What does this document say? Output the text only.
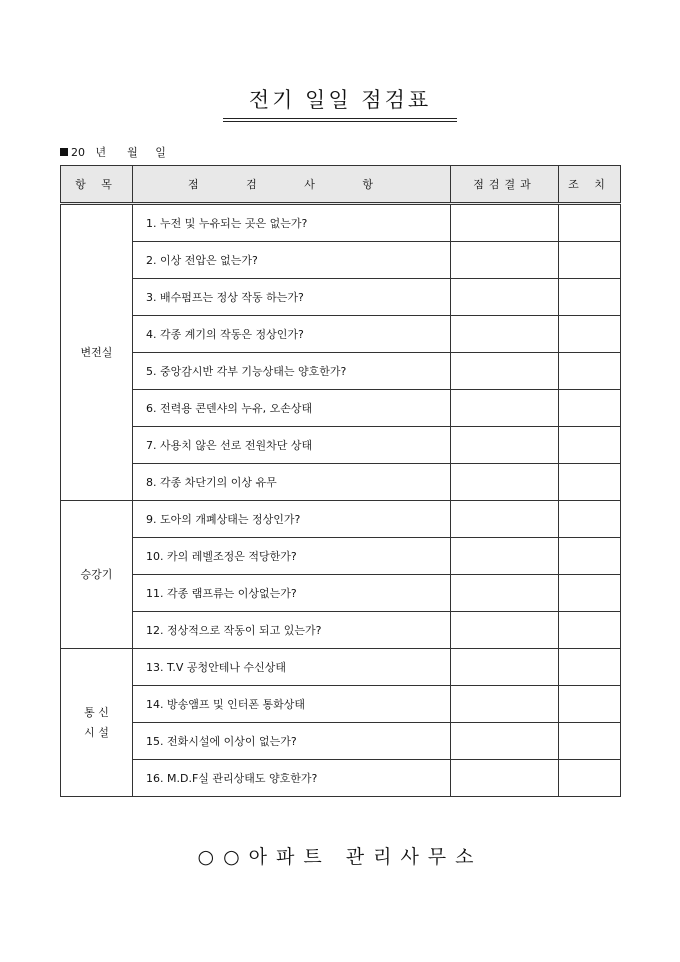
전기 일일 점검표
20   년      월     일
항 목	점 검 사 항	점검결과	조 치

변전실	1. 누전 및 누유되는 곳은 없는가?		
	2. 이상 전압은 없는가?		
	3. 배수펌프는 정상 작동 하는가?		
	4. 각종 계기의 작동은 정상인가?		
	5. 중앙감시반 각부 기능상태는 양호한가?		
	6. 전력용 콘덴샤의 누유, 오손상태		
	7. 사용치 않은 선로 전원차단 상태		
	8. 각종 차단기의 이상 유무		

승강기	9. 도아의 개폐상태는 정상인가?		
	10. 카의 레벨조정은 적당한가?		
	11. 각종 램프류는 이상없는가?		
	12. 정상적으로 작동이 되고 있는가?		

통 신
시 설	13. T.V 공청안테나 수신상태		
	14. 방송앰프 및 인터폰 통화상태		
	15. 전화시설에 이상이 없는가?		
	16. M.D.F실 관리상태도 양호한가?		
○○아파트 관리사무소
